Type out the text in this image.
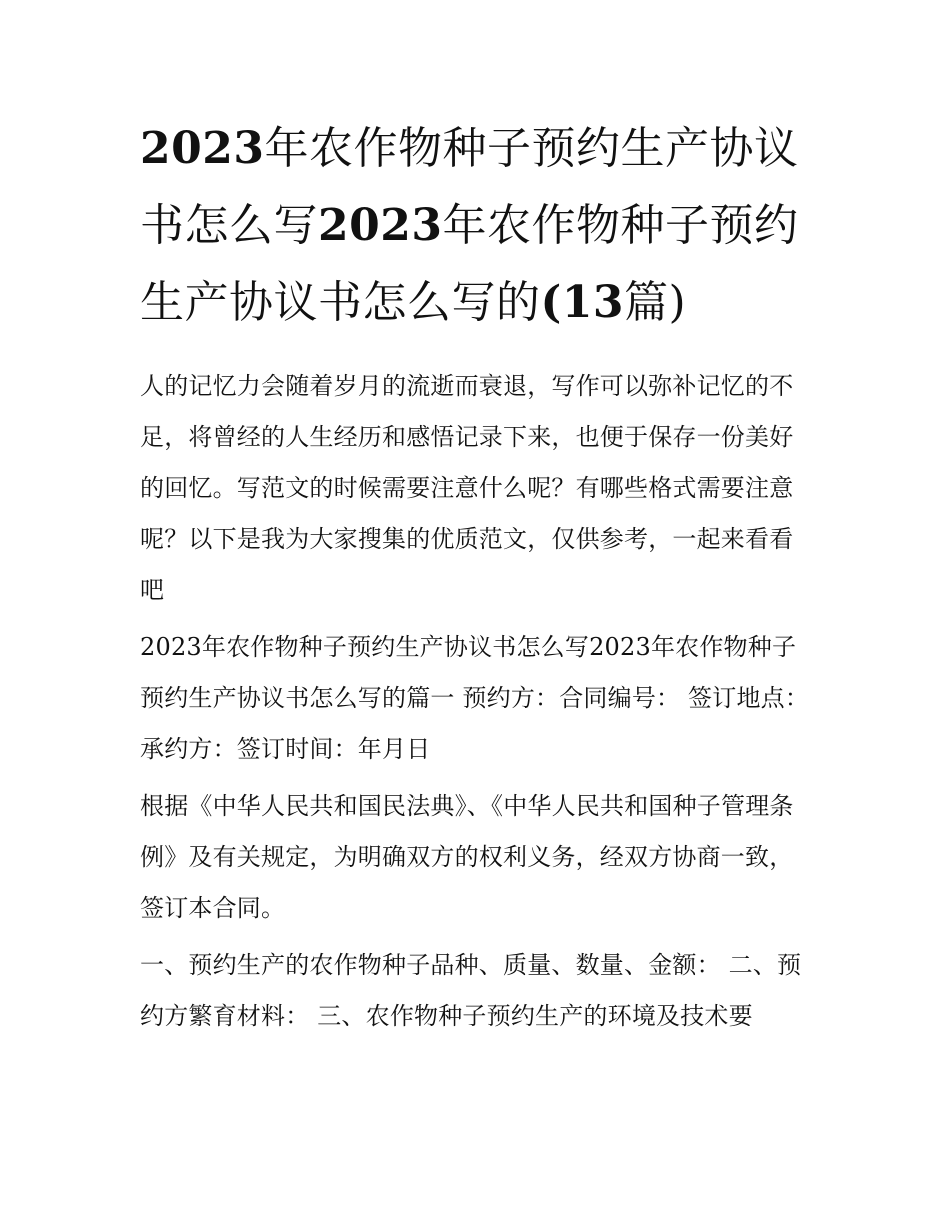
2023年农作物种子预约生产协议书怎么写2023年农作物种子预约生产协议书怎么写的(13篇)

人的记忆力会随着岁月的流逝而衰退，写作可以弥补记忆的不足，将曾经的人生经历和感悟记录下来，也便于保存一份美好的回忆。写范文的时候需要注意什么呢？有哪些格式需要注意呢？以下是我为大家搜集的优质范文，仅供参考，一起来看看吧

2023年农作物种子预约生产协议书怎么写2023年农作物种子预约生产协议书怎么写的篇一 预约方：合同编号： 签订地点： 承约方：签订时间：年月日

根据《中华人民共和国民法典》、《中华人民共和国种子管理条例》及有关规定，为明确双方的权利义务，经双方协商一致，签订本合同。

一、预约生产的农作物种子品种、质量、数量、金额： 二、预约方繁育材料： 三、农作物种子预约生产的环境及技术要
